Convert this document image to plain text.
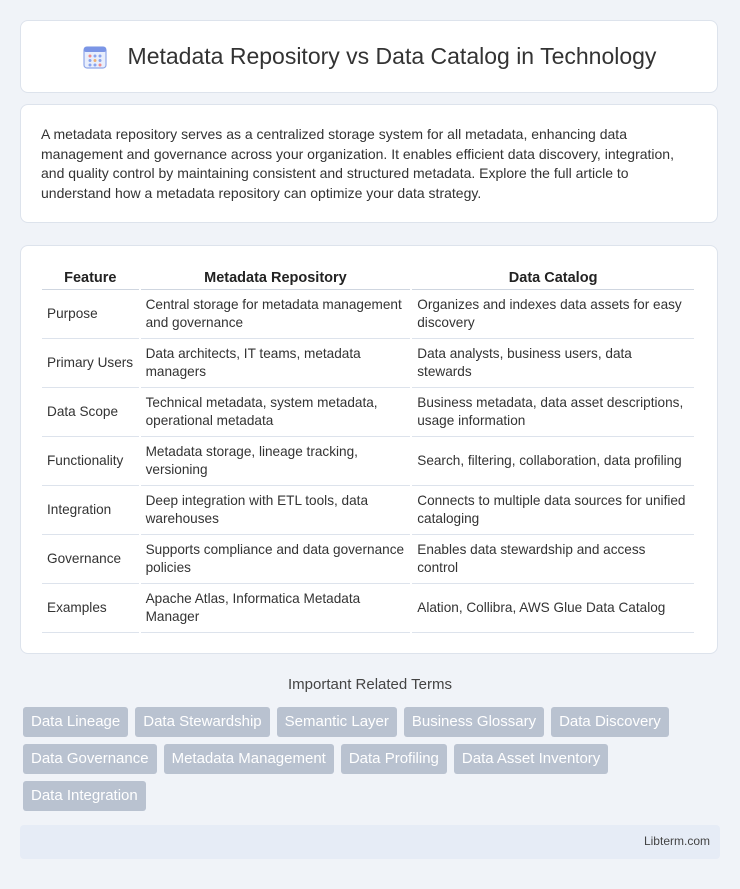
Metadata Repository vs Data Catalog in Technology

A metadata repository serves as a centralized storage system for all metadata, enhancing data management and governance across your organization. It enables efficient data discovery, integration, and quality control by maintaining consistent and structured metadata. Explore the full article to understand how a metadata repository can optimize your data strategy.

Feature	Metadata Repository	Data Catalog
Purpose	Central storage for metadata management and governance	Organizes and indexes data assets for easy discovery
Primary Users	Data architects, IT teams, metadata managers	Data analysts, business users, data stewards
Data Scope	Technical metadata, system metadata, operational metadata	Business metadata, data asset descriptions, usage information
Functionality	Metadata storage, lineage tracking, versioning	Search, filtering, collaboration, data profiling
Integration	Deep integration with ETL tools, data warehouses	Connects to multiple data sources for unified cataloging
Governance	Supports compliance and data governance policies	Enables data stewardship and access control
Examples	Apache Atlas, Informatica Metadata Manager	Alation, Collibra, AWS Glue Data Catalog
Important Related Terms
Data Lineage	Data Stewardship	Semantic Layer	Business Glossary	Data Discovery
Data Governance	Metadata Management	Data Profiling	Data Asset Inventory
Data Integration
Libterm.com
